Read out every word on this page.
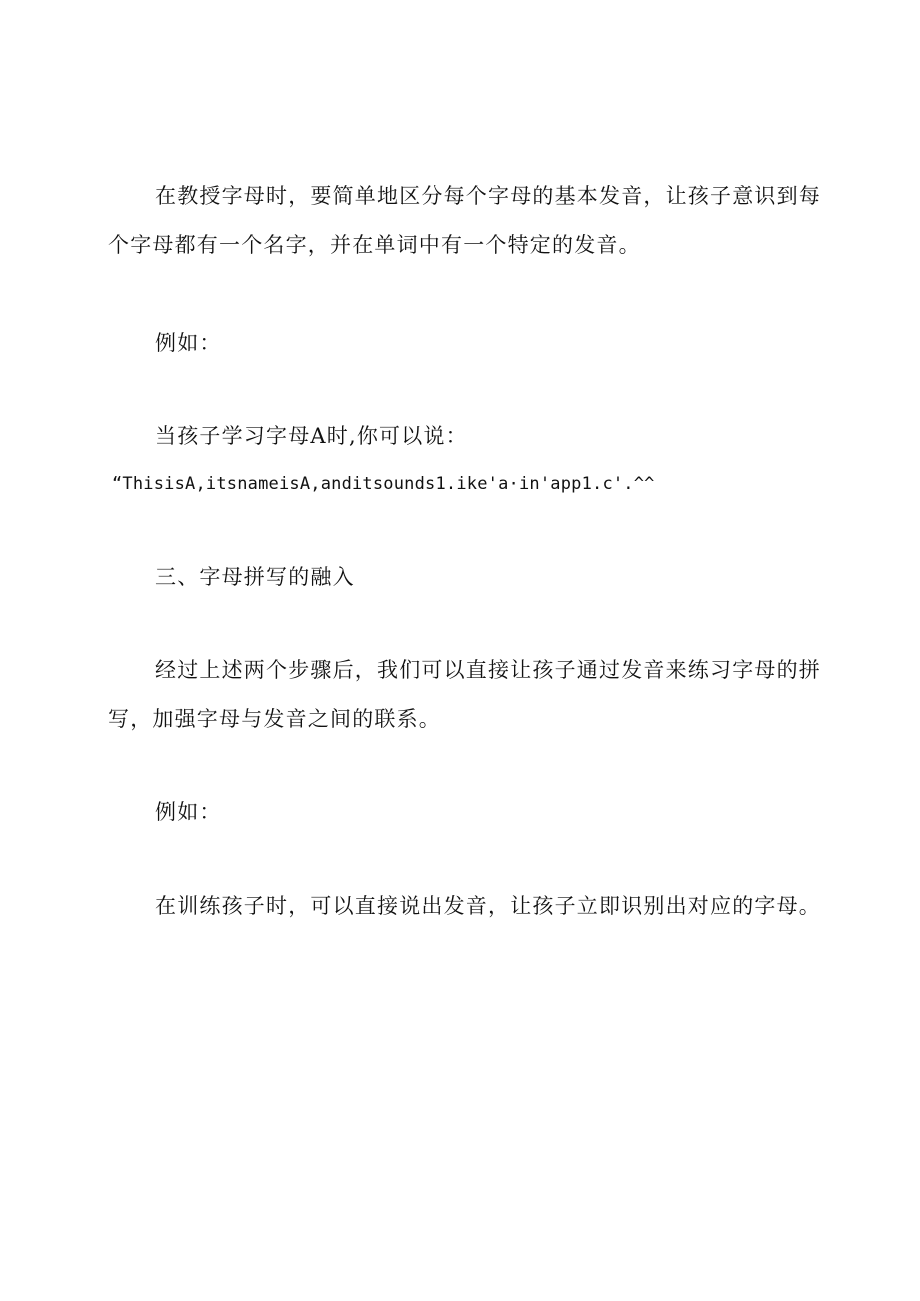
在教授字母时，要简单地区分每个字母的基本发音，让孩子意识到每
个字母都有一个名字，并在单词中有一个特定的发音。
例如：
当孩子学习字母A时,你可以说：
“ThisisA,itsnameisA,anditsounds1.ike'a·in'app1.c'.^^
三、字母拼写的融入
经过上述两个步骤后，我们可以直接让孩子通过发音来练习字母的拼
写，加强字母与发音之间的联系。
例如：
在训练孩子时，可以直接说出发音，让孩子立即识别出对应的字母。
